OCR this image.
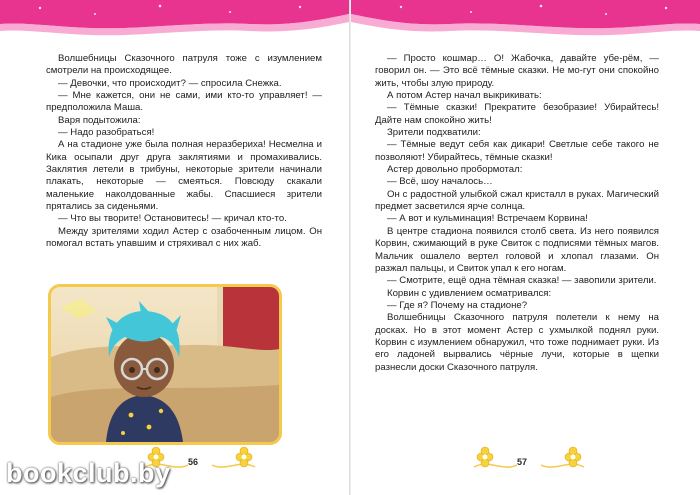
Волшебницы Сказочного патруля тоже с изумлением смотрели на происходящее.

— Девочки, что происходит? — спросила Снежка.

— Мне кажется, они не сами, ими кто-то управляет! — предположила Маша.

Варя подытожила:

— Надо разобраться!

А на стадионе уже была полная неразбериха! Несмелна и Кика осыпали друг друга заклятиями и промахивались. Заклятия летели в трибуны, некоторые зрители начинали плакать, некоторые — смеяться. Повсюду скакали маленькие наколдованные жабы. Спасшиеся зрители прятались за сиденьями.

— Что вы творите! Остановитесь! — кричал кто-то.

Между зрителями ходил Астер с озабоченным лицом. Он помогал встать упавшим и стряхивал с них жаб.

56

— Просто кошмар… О! Жабочка, давайте убе-рём, — говорил он. — Это всё тёмные сказки. Не мо-гут они спокойно жить, чтобы злую природу.

А потом Астер начал выкрикивать:

— Тёмные сказки! Прекратите безобразие! Убирайтесь! Дайте нам спокойно жить!

Зрители подхватили:

— Тёмные ведут себя как дикари! Светлые себе такого не позволяют! Убирайтесь, тёмные сказки!

Астер довольно пробормотал:

— Всё, шоу началось…

Он с радостной улыбкой сжал кристалл в руках. Магический предмет засветился ярче солнца.

— А вот и кульминация! Встречаем Корвина!

В центре стадиона появился столб света. Из него появился Корвин, сжимающий в руке Свиток с подписями тёмных магов. Мальчик ошалело вертел головой и хлопал глазами. Он разжал пальцы, и Свиток упал к его ногам.

— Смотрите, ещё одна тёмная сказка! — завопили зрители.

Корвин с удивлением осматривался:

— Где я? Почему на стадионе?

Волшебницы Сказочного патруля полетели к нему на досках. Но в этот момент Астер с ухмылкой поднял руки. Корвин с изумлением обнаружил, что тоже поднимает руки. Из его ладоней вырвались чёрные лучи, которые в щепки разнесли доски Сказочного патруля.

57
bookclub.by
